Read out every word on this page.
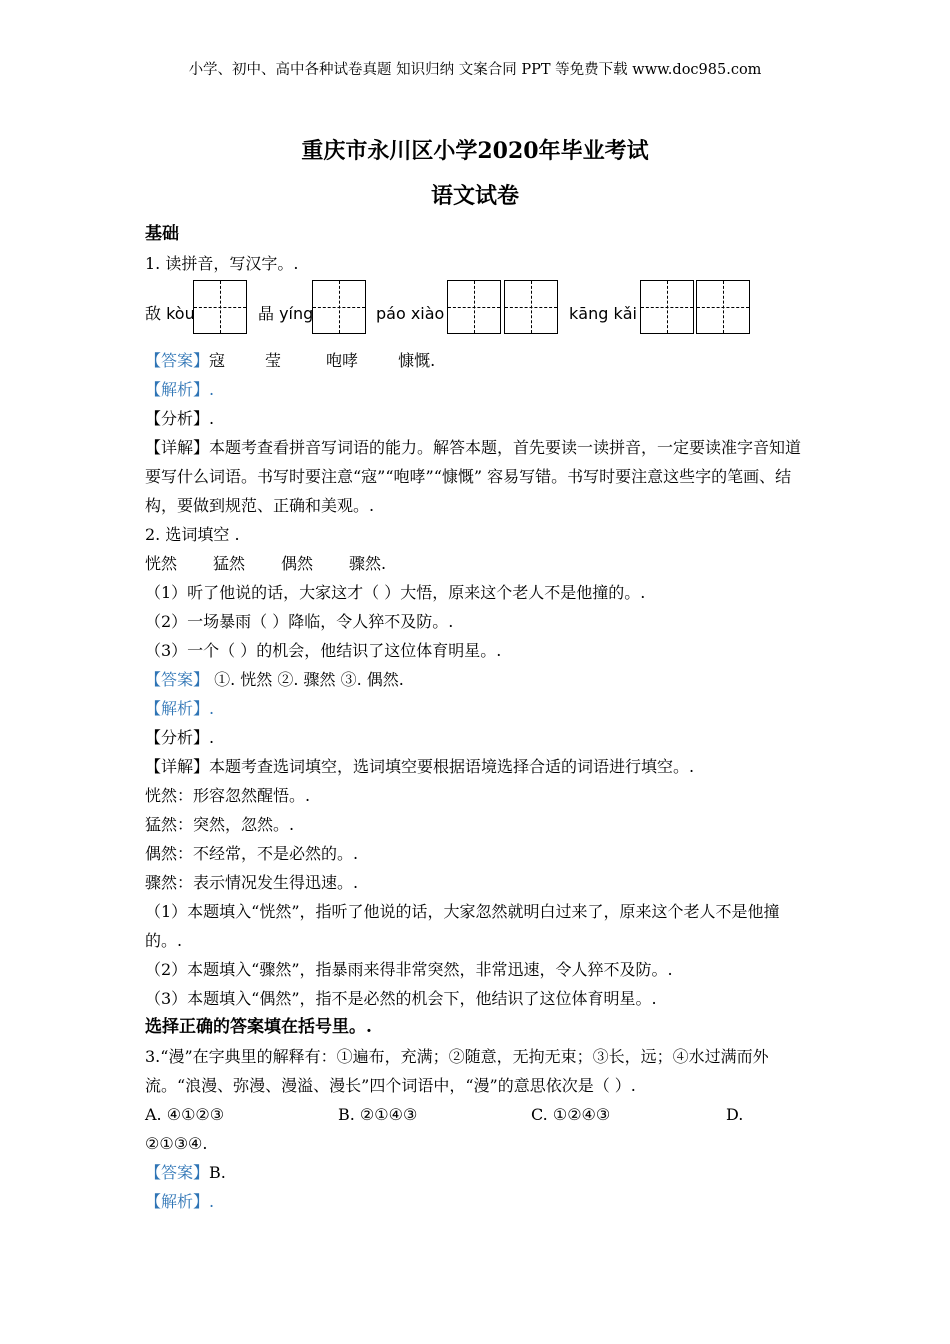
小学、初中、高中各种试卷真题 知识归纳 文案合同 PPT 等免费下载 www.doc985.com
重庆市永川区小学2020年毕业考试
语文试卷

基础

1. 读拼音，写汉字。.

敌 kòu	晶 yíng	páo xiào	kāng kǎi

【答案】寇	莹	咆哮	慷慨.

【解析】.

【分析】.

【详解】本题考查看拼音写词语的能力。解答本题，首先要读一读拼音，一定要读准字音知道要写什么词语。书写时要注意“寇”“咆哮”“慷慨” 容易写错。书写时要注意这些字的笔画、结构，要做到规范、正确和美观。.

2. 选词填空 .

恍然 猛然 偶然 骤然.

（1）听了他说的话，大家这才（ ）大悟，原来这个老人不是他撞的。.

（2）一场暴雨（ ）降临，令人猝不及防。.

（3）一个（ ）的机会，他结识了这位体育明星。.

【答案】 ①. 恍然 ②. 骤然 ③. 偶然.

【解析】.

【分析】.

【详解】本题考查选词填空，选词填空要根据语境选择合适的词语进行填空。.

恍然：形容忽然醒悟。.

猛然：突然，忽然。.

偶然：不经常，不是必然的。.

骤然：表示情况发生得迅速。.

（1）本题填入“恍然”，指听了他说的话，大家忽然就明白过来了，原来这个老人不是他撞的。.

（2）本题填入“骤然”，指暴雨来得非常突然，非常迅速，令人猝不及防。.

（3）本题填入“偶然”，指不是必然的机会下，他结识了这位体育明星。.

选择正确的答案填在括号里。.

3.“漫”在字典里的解释有：①遍布，充满；②随意，无拘无束；③长，远；④水过满而外流。“浪漫、弥漫、漫溢、漫长”四个词语中，“漫”的意思依次是（ ）.

A. ④①②③	B. ②①④③	C. ①②④③	D.

②①③④.

【答案】B.

【解析】.
